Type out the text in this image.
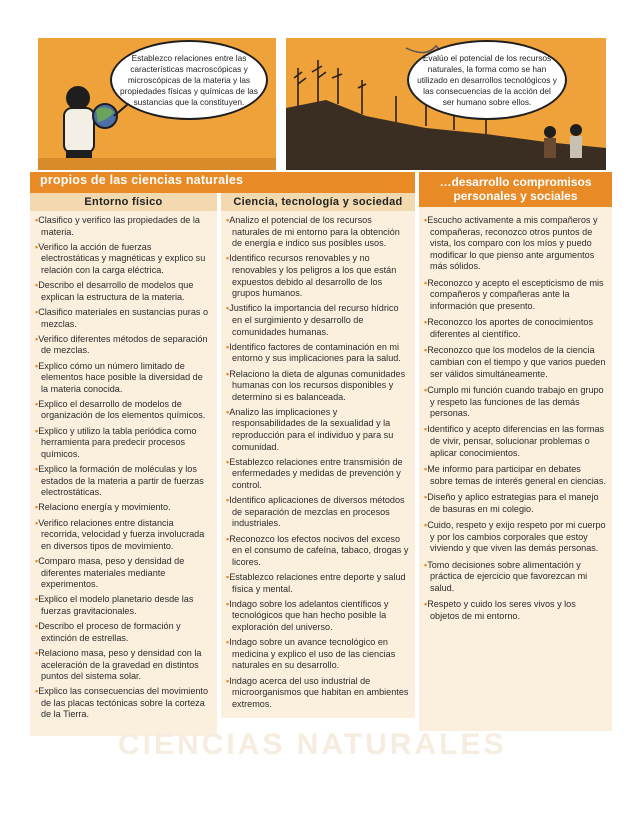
Establezco relaciones entre las características macroscópicas y microscópicas de la materia y las propiedades físicas y químicas de las sustancias que la constituyen.
Evalúo el potencial de los recursos naturales, la forma como se han utilizado en desarrollos tecnológicos y las consecuencias de la acción del ser humano sobre ellos.
propios de las ciencias naturales
Entorno físico	Ciencia, tecnología y sociedad
…desarrollo compromisos personales y sociales
•Clasifico y verifico las propiedades de la materia.
•Verifico la acción de fuerzas electrostáticas y magnéticas y explico su relación con la carga eléctrica.
•Describo el desarrollo de modelos que explican la estructura de la materia.
•Clasifico materiales en sustancias puras o mezclas.
•Verifico diferentes métodos de separación de mezclas.
•Explico cómo un número limitado de elementos hace posible la diversidad de la materia conocida.
•Explico el desarrollo de modelos de organización de los elementos químicos.
•Explico y utilizo la tabla periódica como herramienta para predecir procesos químicos.
•Explico la formación de moléculas y los estados de la materia a partir de fuerzas electrostáticas.
•Relaciono energía y movimiento.
•Verifico relaciones entre distancia recorrida, velocidad y fuerza involucrada en diversos tipos de movimiento.
•Comparo masa, peso y densidad de diferentes materiales mediante experimentos.
•Explico el modelo planetario desde las fuerzas gravitacionales.
•Describo el proceso de formación y extinción de estrellas.
•Relaciono masa, peso y densidad con la aceleración de la gravedad en distintos puntos del sistema solar.
•Explico las consecuencias del movimiento de las placas tectónicas sobre la corteza de la Tierra.
•Analizo el potencial de los recursos naturales de mi entorno para la obtención de energía e indico sus posibles usos.
•Identifico recursos renovables y no renovables y los peligros a los que están expuestos debido al desarrollo de los grupos humanos.
•Justifico la importancia del recurso hídrico en el surgimiento y desarrollo de comunidades humanas.
•Identifico factores de contaminación en mi entorno y sus implicaciones para la salud.
•Relaciono la dieta de algunas comunidades humanas con los recursos disponibles y determino si es balanceada.
•Analizo las implicaciones y responsabilidades de la sexualidad y la reproducción para el individuo y para su comunidad.
•Establezco relaciones entre transmisión de enfermedades y medidas de prevención y control.
•Identifico aplicaciones de diversos métodos de separación de mezclas en procesos industriales.
•Reconozco los efectos nocivos del exceso en el consumo de cafeína, tabaco, drogas y licores.
•Establezco relaciones entre deporte y salud física y mental.
•Indago sobre los adelantos científicos y tecnológicos que han hecho posible la exploración del universo.
•Indago sobre un avance tecnológico en medicina y explico el uso de las ciencias naturales en su desarrollo.
•Indago acerca del uso industrial de microorganismos que habitan en ambientes extremos.
•Escucho activamente a mis compañeros y compañeras, reconozco otros puntos de vista, los comparo con los míos y puedo modificar lo que pienso ante argumentos más sólidos.
•Reconozco y acepto el escepticismo de mis compañeros y compañeras ante la información que presento.
•Reconozco los aportes de conocimientos diferentes al científico.
•Reconozco que los modelos de la ciencia cambian con el tiempo y que varios pueden ser válidos simultáneamente.
•Cumplo mi función cuando trabajo en grupo y respeto las funciones de las demás personas.
•Identifico y acepto diferencias en las formas de vivir, pensar, solucionar problemas o aplicar conocimientos.
•Me informo para participar en debates sobre temas de interés general en ciencias.
•Diseño y aplico estrategias para el manejo de basuras en mi colegio.
•Cuido, respeto y exijo respeto por mi cuerpo y por los cambios corporales que estoy viviendo y que viven las demás personas.
•Tomo decisiones sobre alimentación y práctica de ejercicio que favorezcan mi salud.
•Respeto y cuido los seres vivos y los objetos de mi entorno.
CIENCIAS NATURALES
